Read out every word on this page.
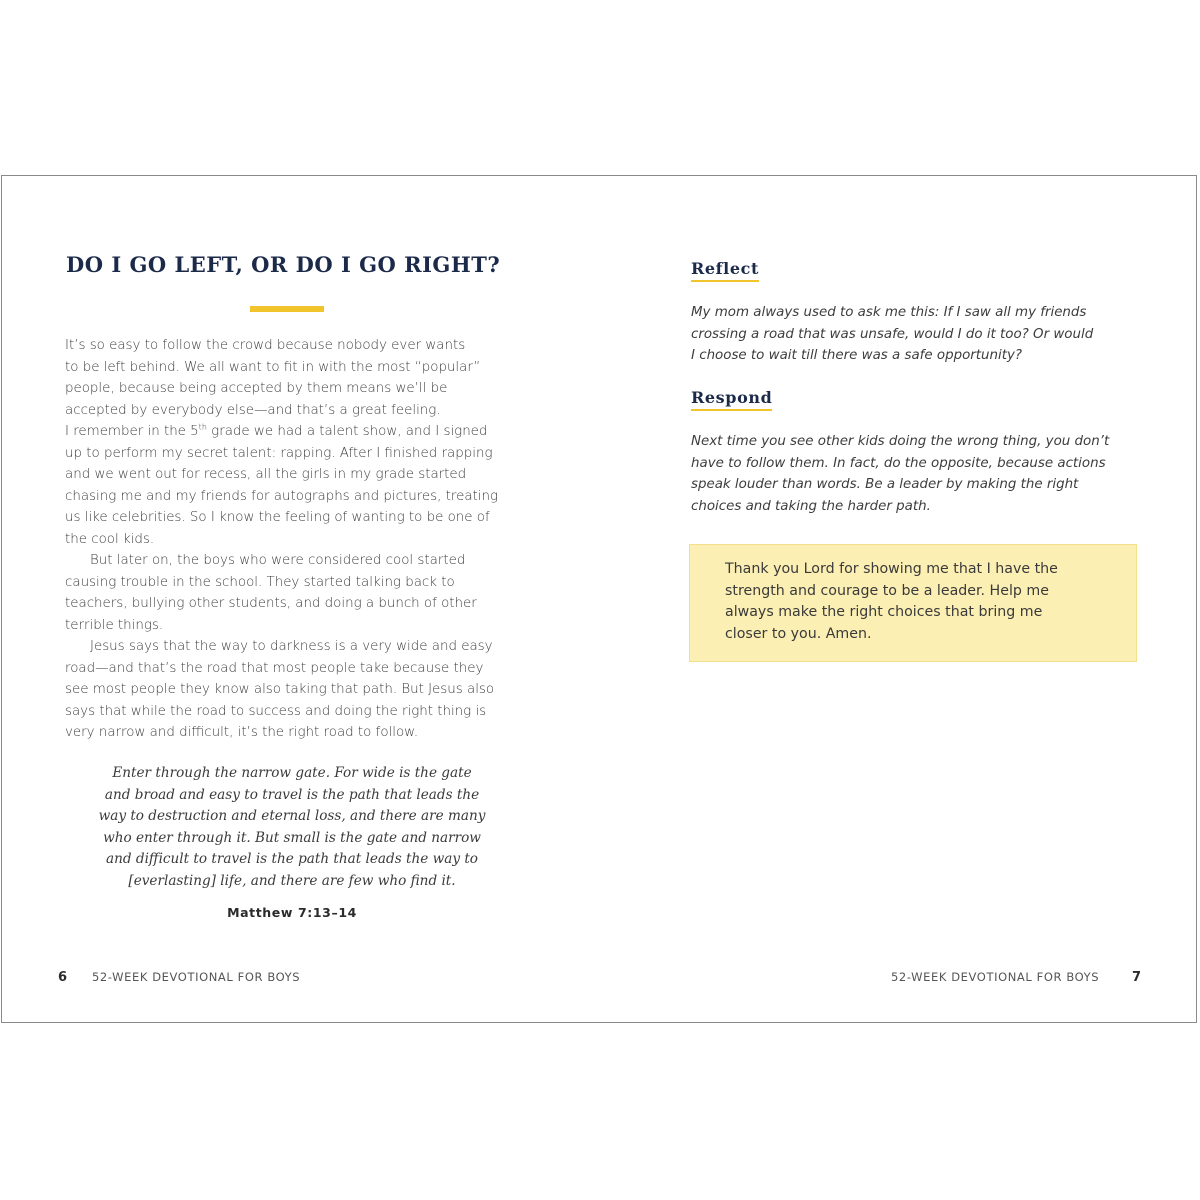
DO I GO LEFT, OR DO I GO RIGHT?

It’s so easy to follow the crowd because nobody ever wants
to be left behind. We all want to fit in with the most “popular”
people, because being accepted by them means we’ll be
accepted by everybody else—and that’s a great feeling.
I remember in the 5th grade we had a talent show, and I signed
up to perform my secret talent: rapping. After I finished rapping
and we went out for recess, all the girls in my grade started
chasing me and my friends for autographs and pictures, treating
us like celebrities. So I know the feeling of wanting to be one of
the cool kids.

But later on, the boys who were considered cool started
causing trouble in the school. They started talking back to
teachers, bullying other students, and doing a bunch of other
terrible things.

Jesus says that the way to darkness is a very wide and easy
road—and that’s the road that most people take because they
see most people they know also taking that path. But Jesus also
says that while the road to success and doing the right thing is
very narrow and difficult, it’s the right road to follow.

Enter through the narrow gate. For wide is the gate
and broad and easy to travel is the path that leads the
way to destruction and eternal loss, and there are many
who enter through it. But small is the gate and narrow
and difficult to travel is the path that leads the way to
[everlasting] life, and there are few who find it.

Matthew 7:13–14
6 52-WEEK DEVOTIONAL FOR BOYS
Reflect

My mom always used to ask me this: If I saw all my friends
crossing a road that was unsafe, would I do it too? Or would
I choose to wait till there was a safe opportunity?

Respond

Next time you see other kids doing the wrong thing, you don’t
have to follow them. In fact, do the opposite, because actions
speak louder than words. Be a leader by making the right
choices and taking the harder path.

Thank you Lord for showing me that I have the
strength and courage to be a leader. Help me
always make the right choices that bring me
closer to you. Amen.

52-WEEK DEVOTIONAL FOR BOYS	7
